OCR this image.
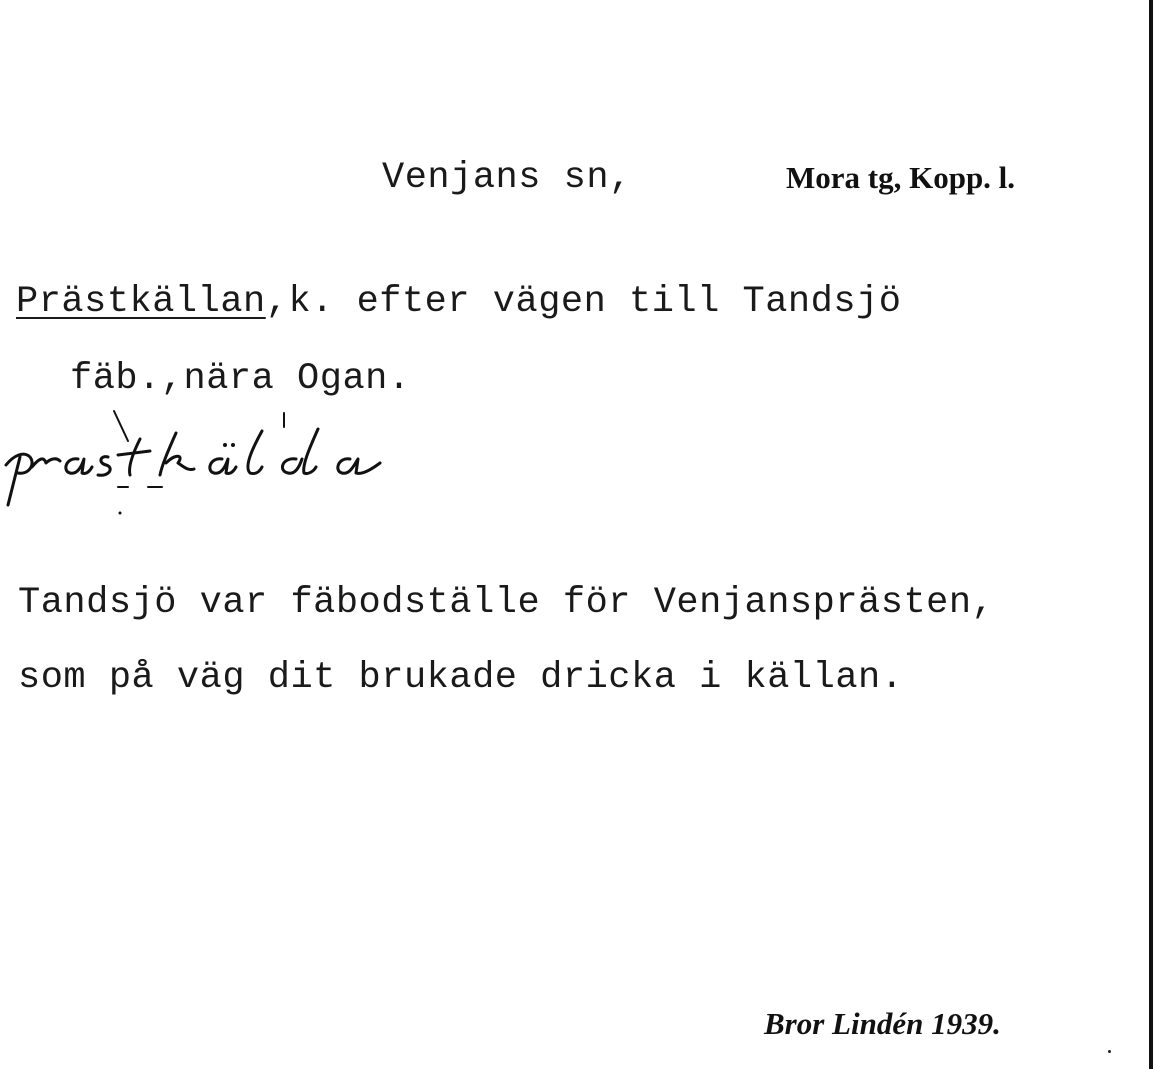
Venjans sn,	Mora tg, Kopp. l.
Prästkällan,k. efter vägen till Tandsjö
fäb.,nära Ogan.
Tandsjö var fäbodställe för Venjansprästen,
som på väg dit brukade dricka i källan.
Bror Lindén 1939.
